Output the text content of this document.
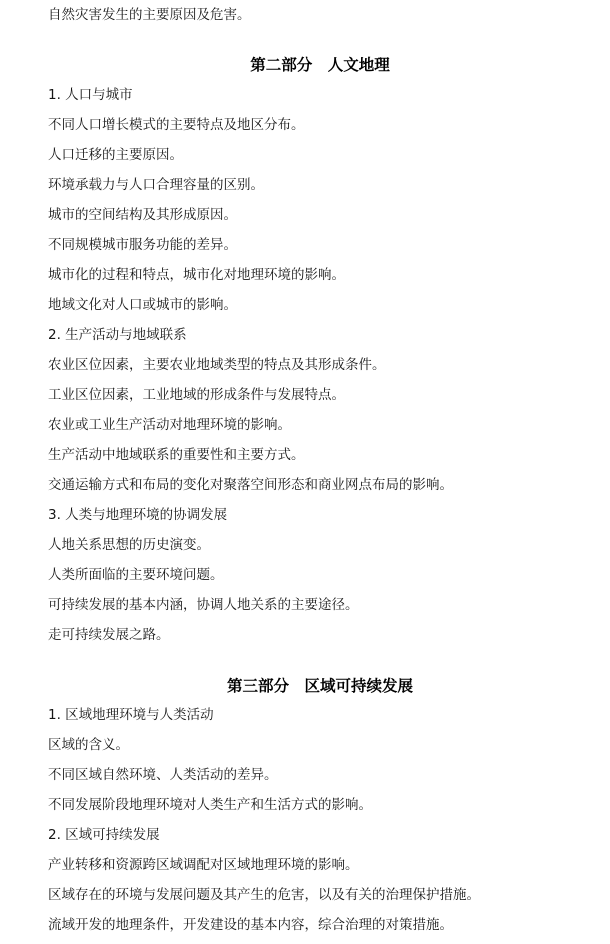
自然灾害发生的主要原因及危害。
第二部分　人文地理
1. 人口与城市
不同人口增长模式的主要特点及地区分布。
人口迁移的主要原因。
环境承载力与人口合理容量的区别。
城市的空间结构及其形成原因。
不同规模城市服务功能的差异。
城市化的过程和特点，城市化对地理环境的影响。
地域文化对人口或城市的影响。
2. 生产活动与地域联系
农业区位因素，主要农业地域类型的特点及其形成条件。
工业区位因素，工业地域的形成条件与发展特点。
农业或工业生产活动对地理环境的影响。
生产活动中地域联系的重要性和主要方式。
交通运输方式和布局的变化对聚落空间形态和商业网点布局的影响。
3. 人类与地理环境的协调发展
人地关系思想的历史演变。
人类所面临的主要环境问题。
可持续发展的基本内涵，协调人地关系的主要途径。
走可持续发展之路。
第三部分　区域可持续发展
1. 区域地理环境与人类活动
区域的含义。
不同区域自然环境、人类活动的差异。
不同发展阶段地理环境对人类生产和生活方式的影响。
2. 区域可持续发展
产业转移和资源跨区域调配对区域地理环境的影响。
区域存在的环境与发展问题及其产生的危害，以及有关的治理保护措施。
流域开发的地理条件，开发建设的基本内容，综合治理的对策措施。
